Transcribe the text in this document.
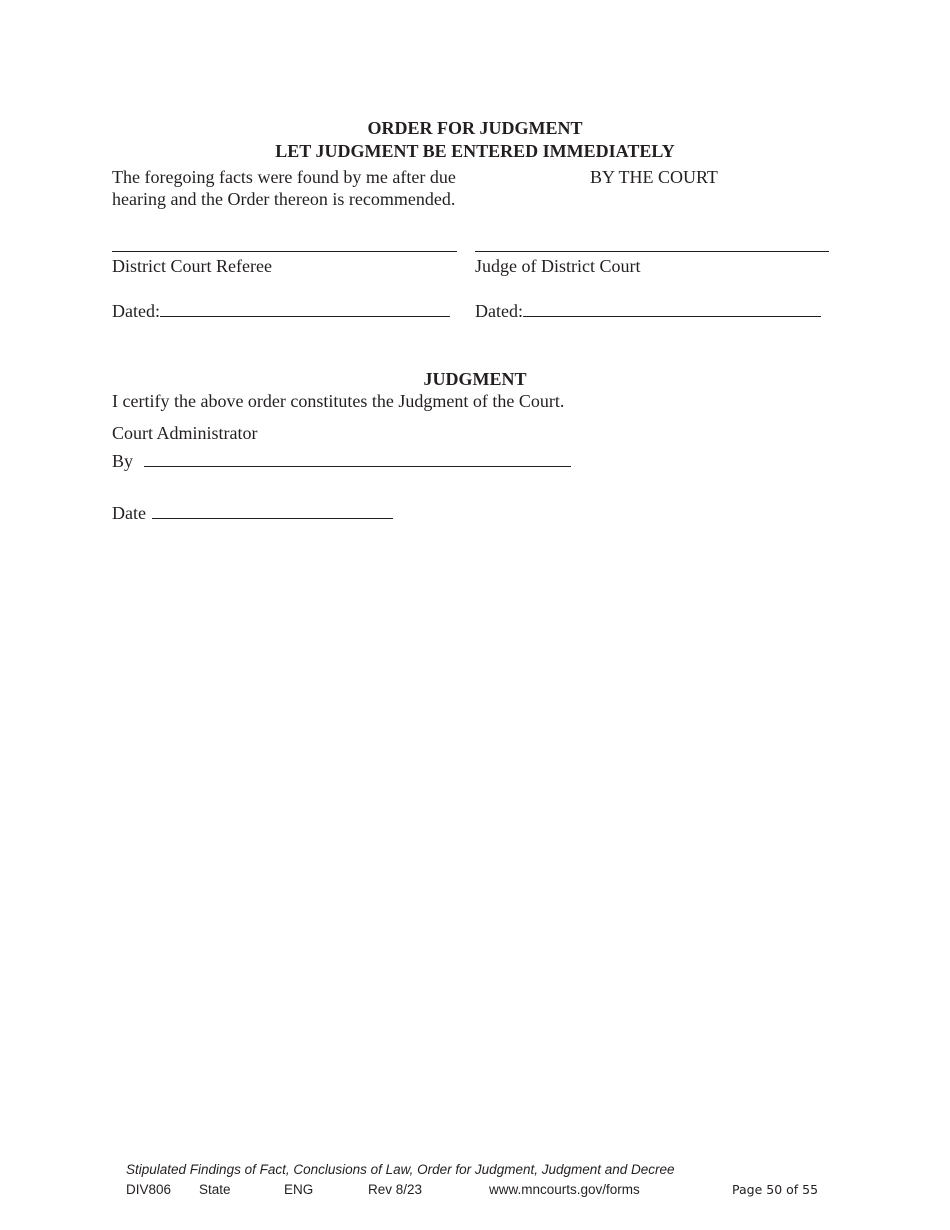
ORDER FOR JUDGMENT
LET JUDGMENT BE ENTERED IMMEDIATELY
The foregoing facts were found by me after due
hearing and the Order thereon is recommended.
BY THE COURT
District Court Referee	Judge of District Court
Dated:	Dated:
JUDGMENT
I certify the above order constitutes the Judgment of the Court.
Court Administrator
By
Date
Stipulated Findings of Fact, Conclusions of Law, Order for Judgment, Judgment and Decree
DIV806 State	ENG	Rev 8/23	www.mncourts.gov/forms	Page 50 of 55
